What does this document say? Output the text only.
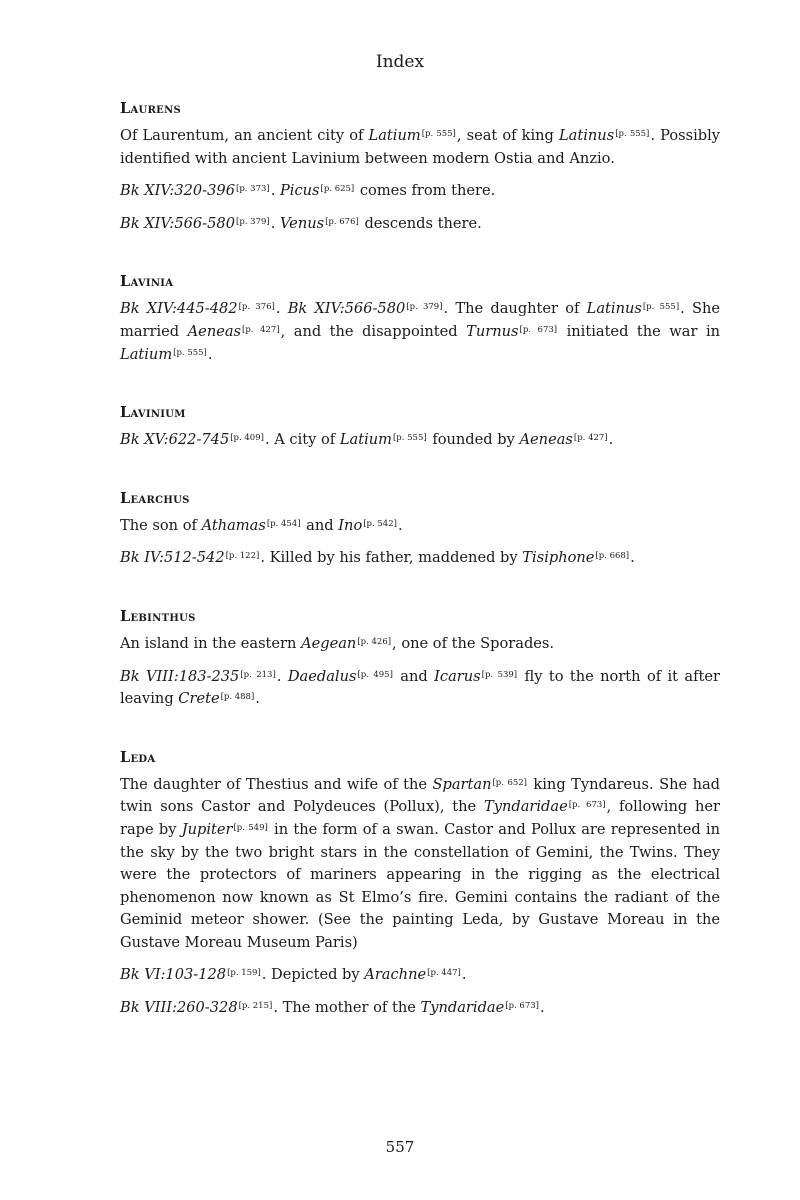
Index
Laurens

Of Laurentum, an ancient city of Latium[p. 555], seat of king Latinus[p. 555]. Possibly identified with ancient Lavinium between modern Ostia and Anzio.

Bk XIV:320-396[p. 373]. Picus[p. 625] comes from there.

Bk XIV:566-580[p. 379]. Venus[p. 676] descends there.

Lavinia

Bk XIV:445-482[p. 376]. Bk XIV:566-580[p. 379]. The daughter of Latinus[p. 555]. She married Aeneas[p. 427], and the disappointed Turnus[p. 673] initiated the war in Latium[p. 555].

Lavinium

Bk XV:622-745[p. 409]. A city of Latium[p. 555] founded by Aeneas[p. 427].

Learchus

The son of Athamas[p. 454] and Ino[p. 542].

Bk IV:512-542[p. 122]. Killed by his father, maddened by Tisiphone[p. 668].

Lebinthus

An island in the eastern Aegean[p. 426], one of the Sporades.

Bk VIII:183-235[p. 213]. Daedalus[p. 495] and Icarus[p. 539] fly to the north of it after leaving Crete[p. 488].

Leda

The daughter of Thestius and wife of the Spartan[p. 652] king Tyndareus. She had twin sons Castor and Polydeuces (Pollux), the Tyndaridae[p. 673], following her rape by Jupiter[p. 549] in the form of a swan. Castor and Pollux are represented in the sky by the two bright stars in the constellation of Gemini, the Twins. They were the protectors of mariners appearing in the rigging as the electrical phenomenon now known as St Elmo’s fire. Gemini contains the radiant of the Geminid meteor shower. (See the painting Leda, by Gustave Moreau in the Gustave Moreau Museum Paris)

Bk VI:103-128[p. 159]. Depicted by Arachne[p. 447].

Bk VIII:260-328[p. 215]. The mother of the Tyndaridae[p. 673].

557
